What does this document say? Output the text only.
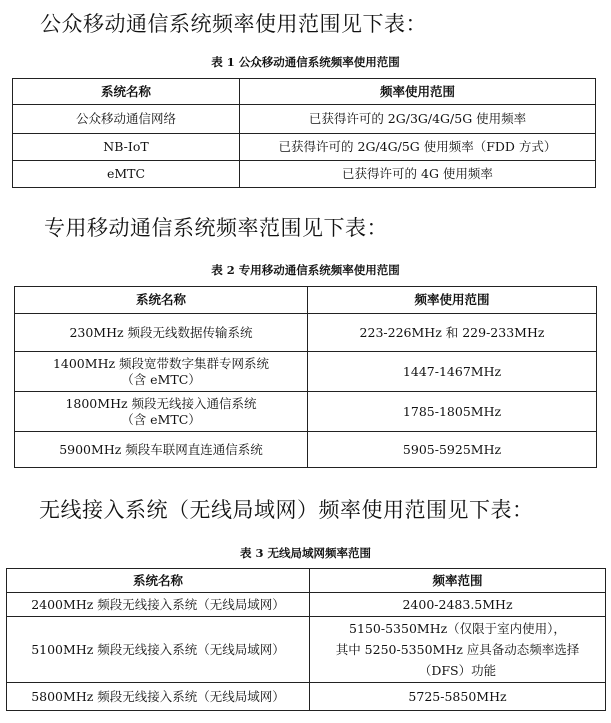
公众移动通信系统频率使用范围见下表：
表 1 公众移动通信系统频率使用范围
系统名称	频率使用范围
公众移动通信网络	已获得许可的 2G/3G/4G/5G 使用频率
NB-IoT	已获得许可的 2G/4G/5G 使用频率（FDD 方式）
eMTC	已获得许可的 4G 使用频率
专用移动通信系统频率范围见下表：
表 2 专用移动通信系统频率使用范围
系统名称	频率使用范围
230MHz 频段无线数据传输系统	223-226MHz 和 229-233MHz
1400MHz 频段宽带数字集群专网系统
（含 eMTC）	1447-1467MHz
1800MHz 频段无线接入通信系统
（含 eMTC）	1785-1805MHz
5900MHz 频段车联网直连通信系统	5905-5925MHz
无线接入系统（无线局域网）频率使用范围见下表：
表 3 无线局域网频率范围
系统名称	频率范围
2400MHz 频段无线接入系统（无线局域网）	2400-2483.5MHz
5100MHz 频段无线接入系统（无线局域网）	5150-5350MHz（仅限于室内使用），
其中 5250-5350MHz 应具备动态频率选择
（DFS）功能
5800MHz 频段无线接入系统（无线局域网）	5725-5850MHz
